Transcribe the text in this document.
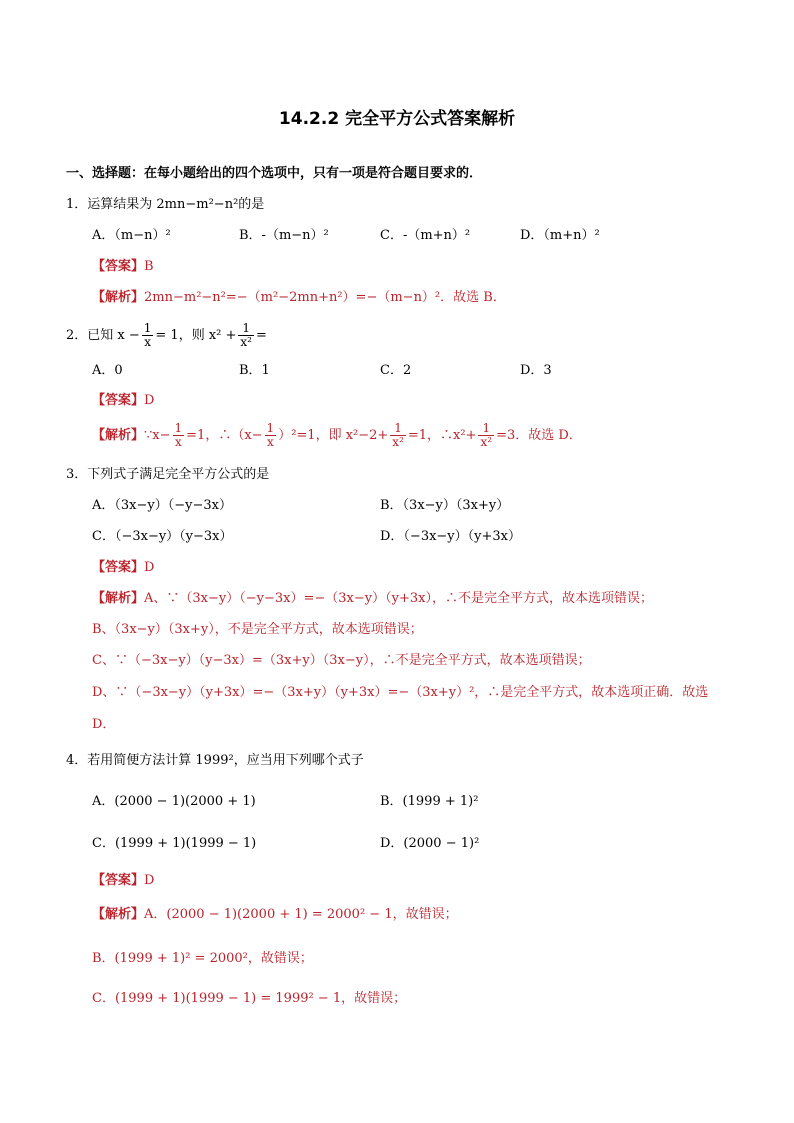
14.2.2 完全平方公式答案解析
一、选择题：在每小题给出的四个选项中，只有一项是符合题目要求的．
1．运算结果为 2mn−m²−n²的是
A．（m−n）²	B．-（m−n）²	C．-（m+n）²	D．（m+n）²
【答案】B
【解析】2mn−m²−n²=−（m²−2mn+n²）=−（m−n）²．故选 B．
2．已知 $x - \frac{1}{x} = 1$，则 $x^2 + \frac{1}{\text{x²}}$ =
A．0	B．1	C．2	D．3
【答案】D
【解析】∵x− $\frac{1}{x} =1$，∴（x− $\frac{1}{x} )^2=1$，即 $x^2-2+ \frac{1}{\text{x²}} =1$，∴x²+ $\frac{1}{\text{x²}} =3$．故选 D．
3．下列式子满足完全平方公式的是
A．（3x−y）（−y−3x）	B．（3x−y）（3x+y）
C．（−3x−y）（y−3x）	D．（−3x−y）（y+3x）
【答案】D
【解析】A、∵（3x−y）（−y−3x）=−（3x−y）（y+3x），∴不是完全平方式，故本选项错误；
B、（3x−y）（3x+y），不是完全平方式，故本选项错误；
C、∵（−3x−y）（y−3x）=（3x+y）（3x−y），∴不是完全平方式，故本选项错误；
D、∵（−3x−y）（y+3x）=−（3x+y）（y+3x）=−（3x+y）²，∴是完全平方式，故本选项正确．故选
D．
4．若用简便方法计算 1999²，应当用下列哪个式子
A．(2000 − 1)(2000 + 1)	B．(1999 + 1)²
C．(1999 + 1)(1999 − 1)	D．(2000 − 1)²
【答案】D
【解析】A．(2000 − 1)(2000 + 1) = 2000² − 1，故错误；
B．(1999 + 1)² = 2000²，故错误；
C．(1999 + 1)(1999 − 1) = 1999² − 1，故错误；
